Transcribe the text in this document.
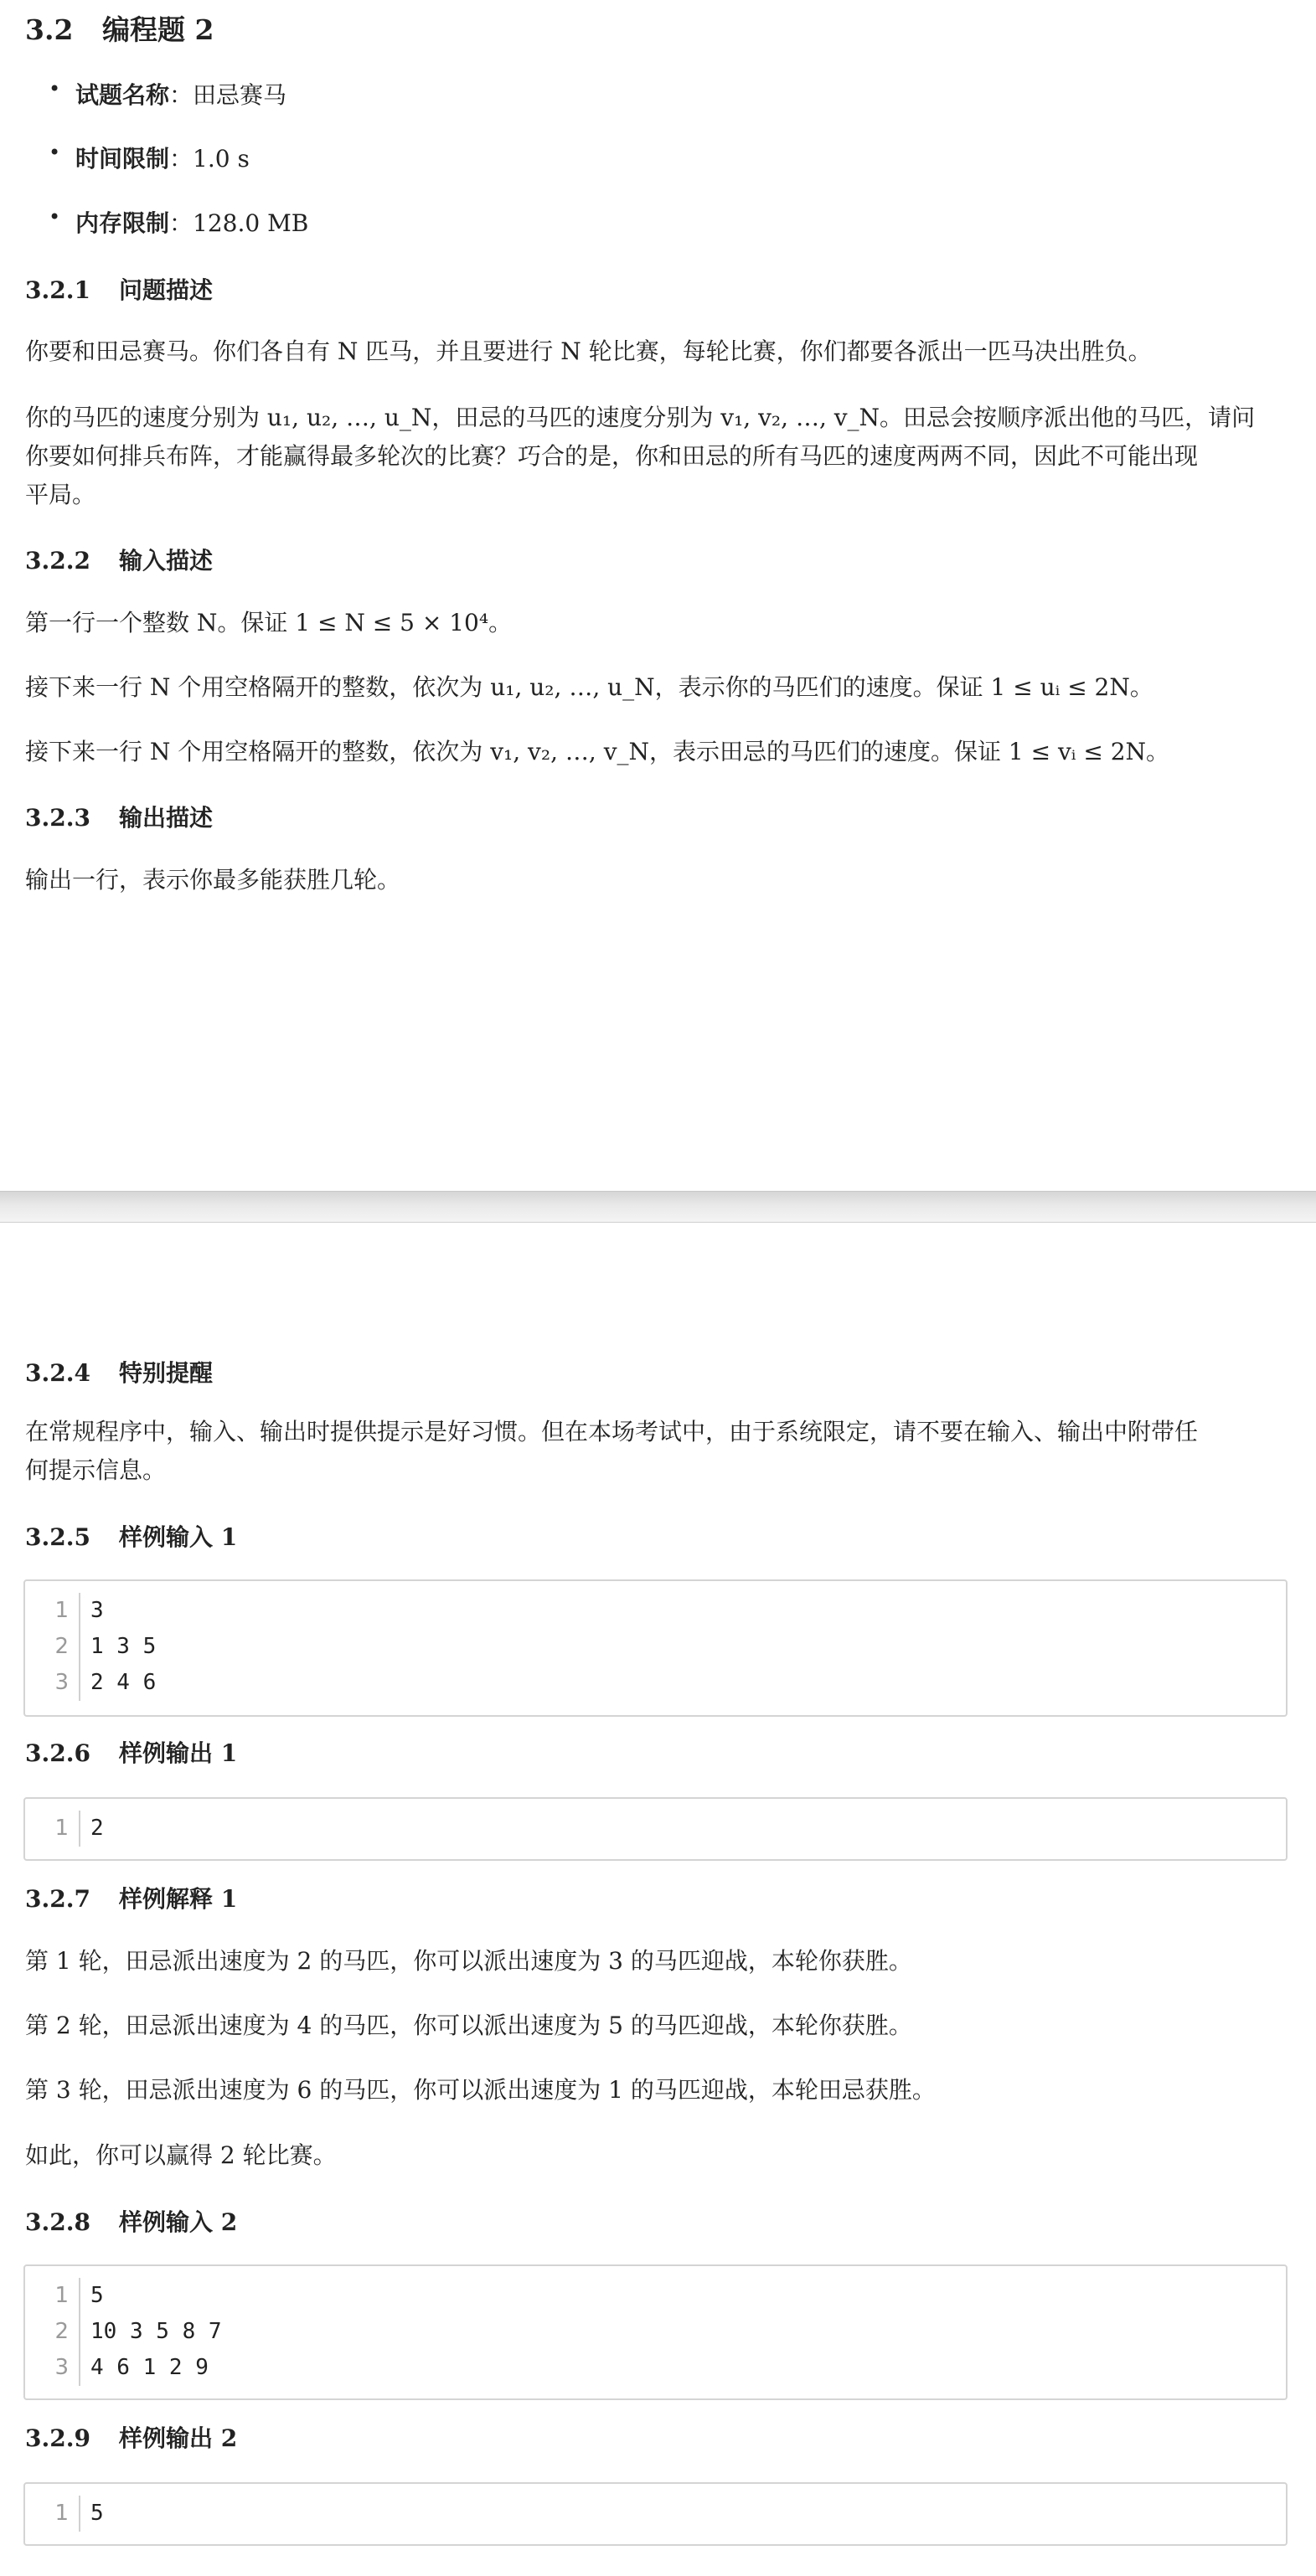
3.2 编程题 2
• 试题名称：田忌赛马
• 时间限制：1.0 s
• 内存限制：128.0 MB
3.2.1 问题描述

你要和田忌赛马。你们各自有 N 匹马，并且要进行 N 轮比赛，每轮比赛，你们都要各派出一匹马决出胜负。

你的马匹的速度分别为 u₁, u₂, …, u_N，田忌的马匹的速度分别为 v₁, v₂, …, v_N。田忌会按顺序派出他的马匹，请问

你要如何排兵布阵，才能赢得最多轮次的比赛？巧合的是，你和田忌的所有马匹的速度两两不同，因此不可能出现

平局。

3.2.2 输入描述

第一行一个整数 N。保证 1 ≤ N ≤ 5 × 10⁴。

接下来一行 N 个用空格隔开的整数，依次为 u₁, u₂, …, u_N，表示你的马匹们的速度。保证 1 ≤ uᵢ ≤ 2N。

接下来一行 N 个用空格隔开的整数，依次为 v₁, v₂, …, v_N，表示田忌的马匹们的速度。保证 1 ≤ vᵢ ≤ 2N。

3.2.3 输出描述

输出一行，表示你最多能获胜几轮。

3.2.4 特别提醒

在常规程序中，输入、输出时提供提示是好习惯。但在本场考试中，由于系统限定，请不要在输入、输出中附带任

何提示信息。

3.2.5 样例输入 1
1	3
2	1 3 5
3	2 4 6
3.2.6 样例输出 1
1	2
3.2.7 样例解释 1

第 1 轮，田忌派出速度为 2 的马匹，你可以派出速度为 3 的马匹迎战，本轮你获胜。

第 2 轮，田忌派出速度为 4 的马匹，你可以派出速度为 5 的马匹迎战，本轮你获胜。

第 3 轮，田忌派出速度为 6 的马匹，你可以派出速度为 1 的马匹迎战，本轮田忌获胜。

如此，你可以赢得 2 轮比赛。

3.2.8 样例输入 2
1	5
2	10 3 5 8 7
3	4 6 1 2 9
3.2.9 样例输出 2
1	5
